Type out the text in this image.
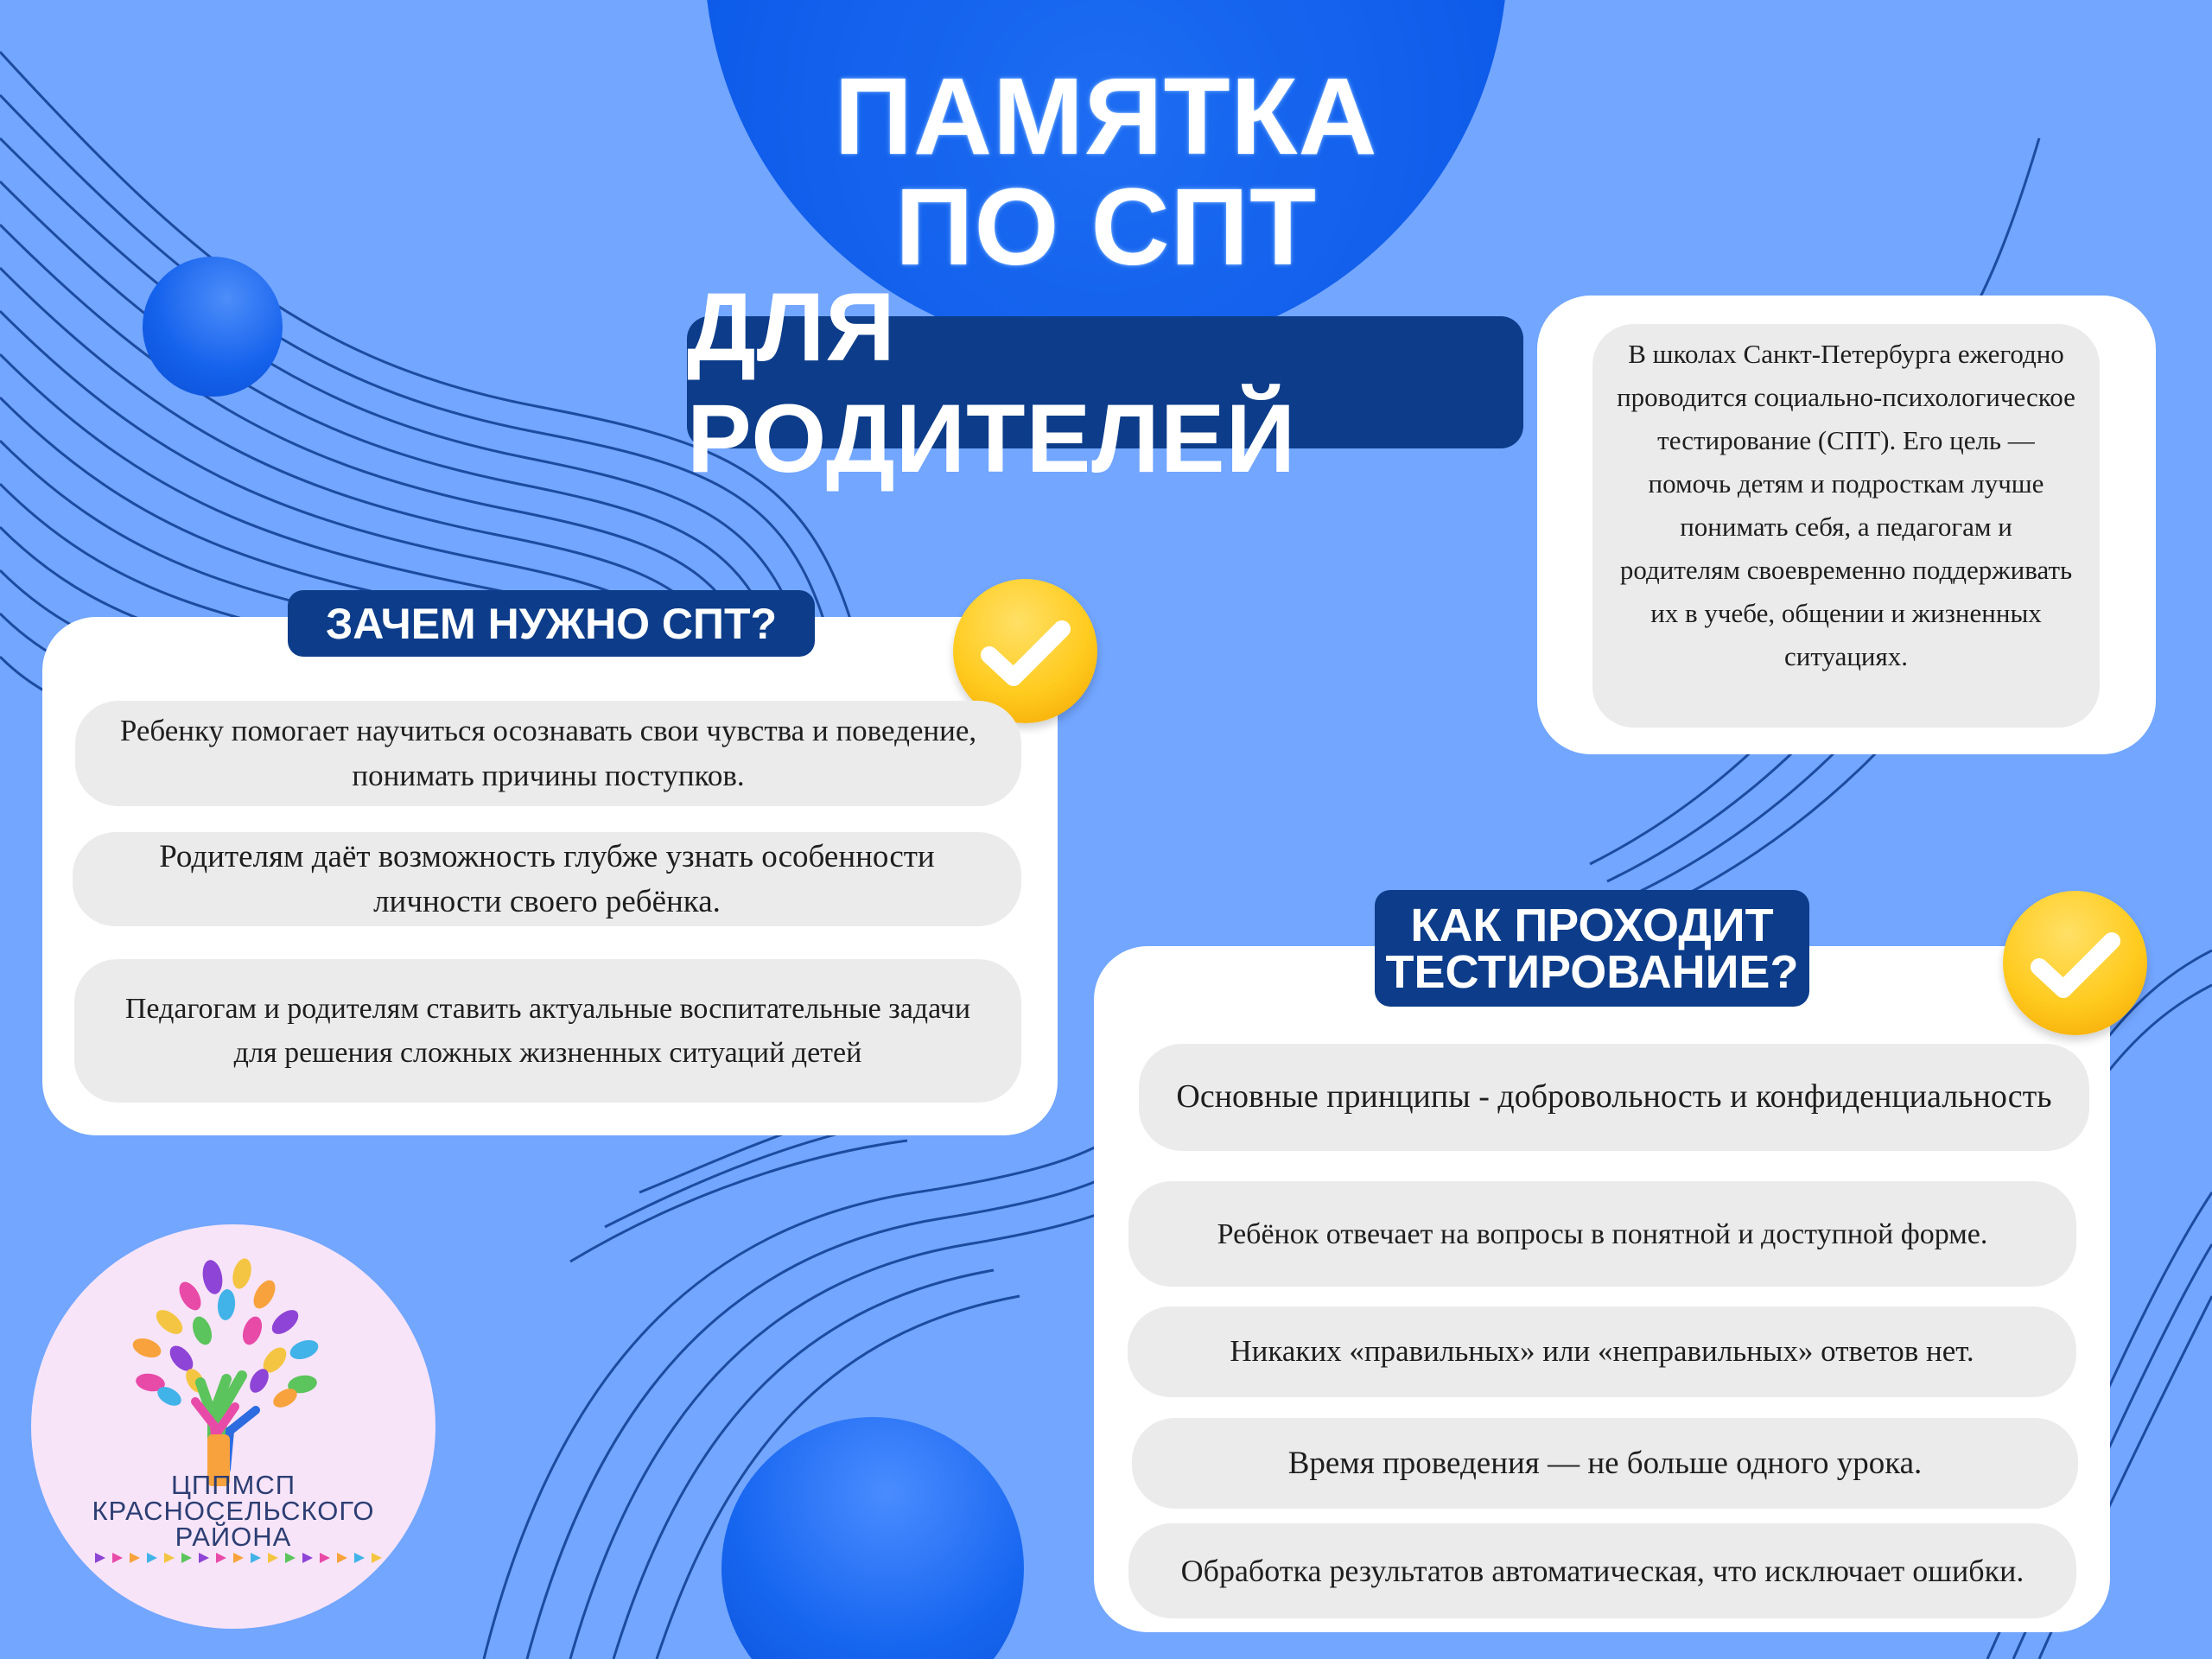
ПАМЯТКА
ПО СПТ
ДЛЯ РОДИТЕЛЕЙ
В школах Санкт-Петербурга ежегодно проводится социально-психологическое тестирование (СПТ). Его цель — помочь детям и подросткам лучше понимать себя, а педагогам и родителям своевременно поддерживать их в учебе, общении и жизненных ситуациях.
ЗАЧЕМ НУЖНО СПТ?
Ребенку помогает научиться осознавать свои чувства и поведение, понимать причины поступков.
Родителям даёт возможность глубже узнать особенности личности своего ребёнка.
Педагогам и родителям ставить актуальные воспитательные задачи для решения сложных жизненных ситуаций детей
КАК ПРОХОДИТ
ТЕСТИРОВАНИЕ?
Основные принципы - добровольность и конфиденциальность
Ребёнок отвечает на вопросы в понятной и доступной форме.
Никаких «правильных» или «неправильных» ответов нет.
Время проведения — не больше одного урока.
Обработка результатов автоматическая, что исключает ошибки.
ЦППМСП
КРАСНОСЕЛЬСКОГО
РАЙОНА
